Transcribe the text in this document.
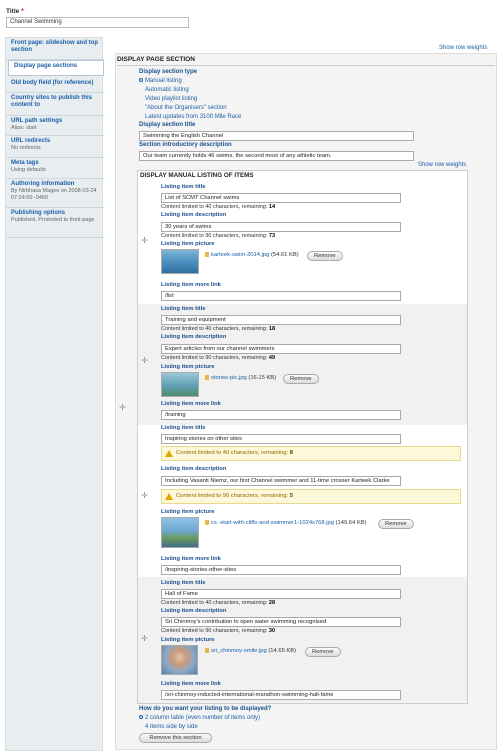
Title *
Channel Swimming
Front page: slideshow and top section
Display page sections
Old body field (for reference)
Country sites to publish this content to
URL path settings
Alias: start
URL redirects
No redirects
Meta tags
Using defaults
Authoring information
By Nirbhasa Magee on 2008-03-24 07:24:00 -0400
Publishing options
Published, Promoted to front page
Show row weights
DISPLAY PAGE SECTION
Display section type
Manual listing
Automatic listing
Video playlist listing
"About the Organisers" section
Latest updates from 3100 Mile Race
Display section title
Swimming the English Channel
Section introductory description
Our team currently holds 46 swims, the second most of any athletic team.
Show row weights
DISPLAY MANUAL LISTING OF ITEMS
✛
✛
Listing item title
List of SCMT Channel swims
Content limited to 40 characters, remaining: 14
Listing item description
30 years of swims
Content limited to 90 characters, remaining: 73
Listing item picture
karteek-swim-2014.jpg (54.61 KB)	Remove
Listing item more link
/list
✛
Listing item title
Training and equipment
Content limited to 40 characters, remaining: 18
Listing item description
Expert articles from our channel swimmers
Content limited to 90 characters, remaining: 49
Listing item picture
stories-pic.jpg (16.15 KB)	Remove
Listing item more link
/training
✛
Listing item title
Inspiring stories on other sites
Content limited to 40 characters, remaining: 8
Listing item description
Including Vasanti Niemz, our first Channel swimmer and 11-time crosser Karteek Clarke
Content limited to 90 characters, remaining: 5
Listing item picture
cs.-start-with-cliffs-and-swimmer1-1024x768.jpg (149.64 KB)	Remove
Listing item more link
/inspiring-stories-other-sites
✛
Listing item title
Hall of Fame
Content limited to 40 characters, remaining: 28
Listing item description
Sri Chinmoy's contribution to open water swimming recognised
Content limited to 90 characters, remaining: 30
Listing item picture
sri_chinmoy-smile.jpg (14.65 KB)	Remove
Listing item more link
/sri-chinmoy-inducted-international-marathon-swimming-hall-fame
How do you want your listing to be displayed?
2 column table (even number of items only)
4 items side by side
Remove this section
